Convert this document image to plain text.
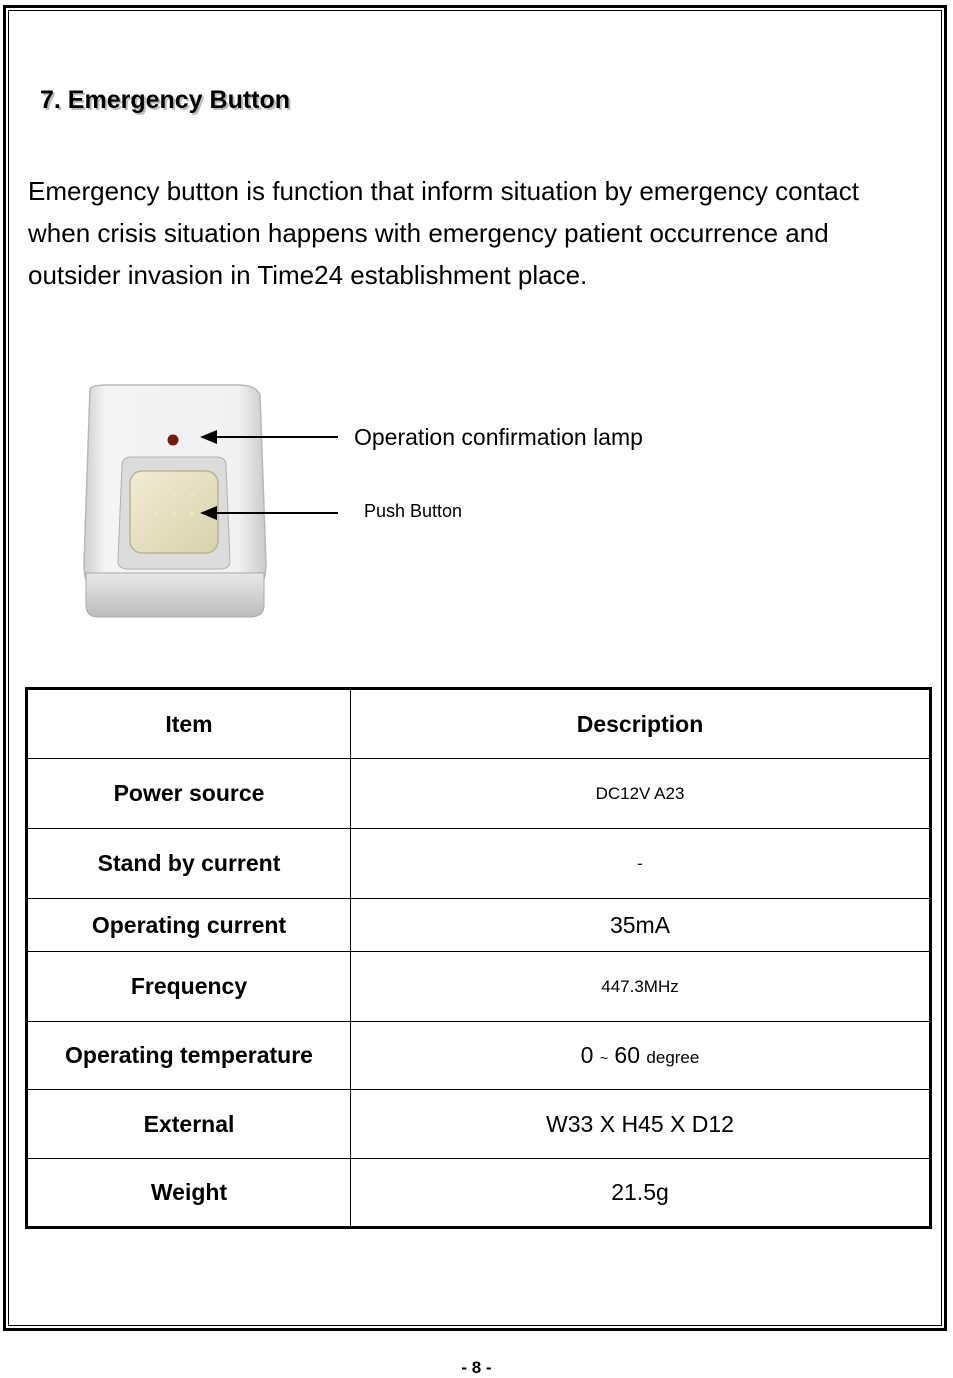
7. Emergency Button

Emergency button is function that inform situation by emergency contact when crisis situation happens with emergency patient occurrence and outsider invasion in Time24 establishment place.

Operation confirmation lamp
Push Button
Item	Description
Power source	DC12V A23
Stand by current	-
Operating current	35mA
Frequency	447.3MHz
Operating temperature	0 ~ 60 degree
External	W33 X H45 X D12
Weight	21.5g
- 8 -
